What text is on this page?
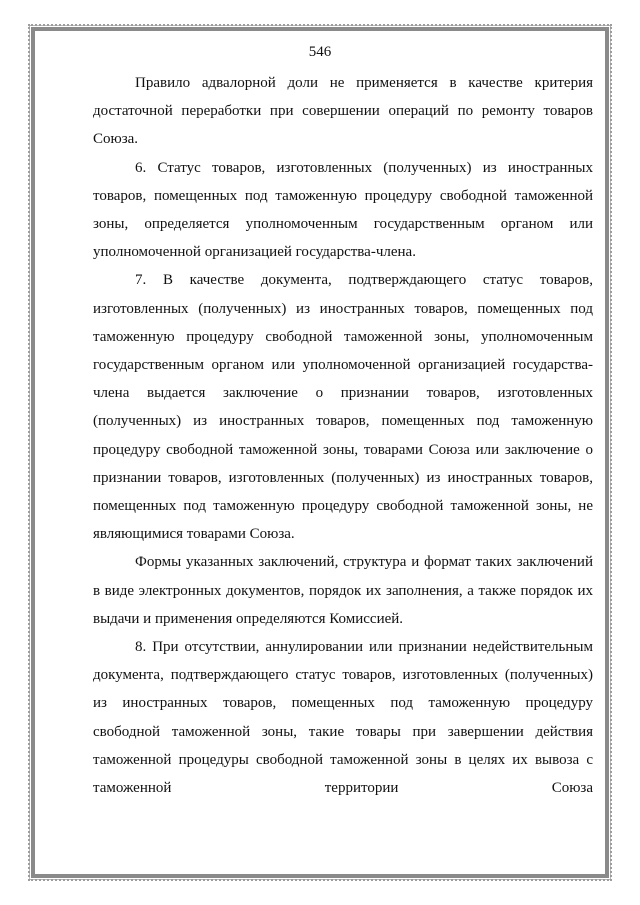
546

Правило адвалорной доли не применяется в качестве критерия достаточной переработки при совершении операций по ремонту товаров Союза.

6. Статус товаров, изготовленных (полученных) из иностранных товаров, помещенных под таможенную процедуру свободной таможенной зоны, определяется уполномоченным государственным органом или уполномоченной организацией государства-члена.

7. В качестве документа, подтверждающего статус товаров, изготовленных (полученных) из иностранных товаров, помещенных под таможенную процедуру свободной таможенной зоны, уполномоченным государственным органом или уполномоченной организацией государства-члена выдается заключение о признании товаров, изготовленных (полученных) из иностранных товаров, помещенных под таможенную процедуру свободной таможенной зоны, товарами Союза или заключение о признании товаров, изготовленных (полученных) из иностранных товаров, помещенных под таможенную процедуру свободной таможенной зоны, не являющимися товарами Союза.

Формы указанных заключений, структура и формат таких заключений в виде электронных документов, порядок их заполнения, а также порядок их выдачи и применения определяются Комиссией.

8. При отсутствии, аннулировании или признании недействительным документа, подтверждающего статус товаров, изготовленных (полученных) из иностранных товаров, помещенных под таможенную процедуру свободной таможенной зоны, такие товары при завершении действия таможенной процедуры свободной таможенной зоны в целях их вывоза с таможенной территории Союза
